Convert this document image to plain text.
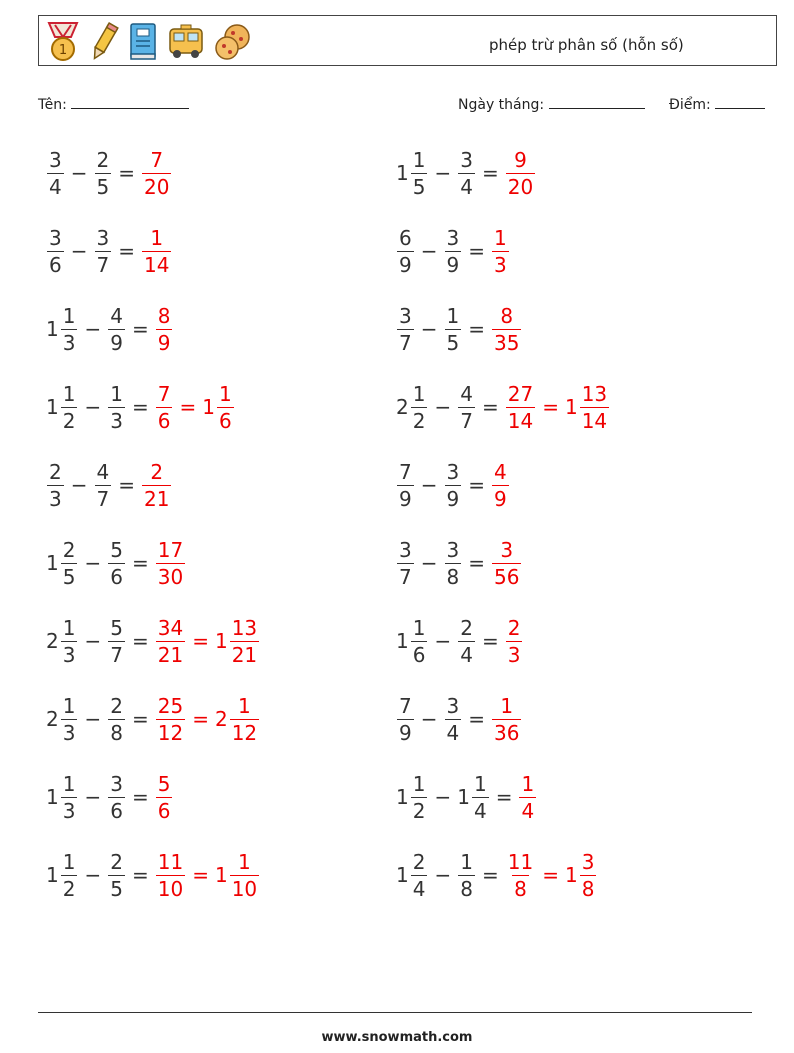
1	phép trừ phân số (hỗn số)
Tên:	Ngày tháng:	Điểm:
$\frac{3}{4} - \frac{2}{5} = \frac{7}{20}$
$\frac{3}{6} - \frac{3}{7} = \frac{1}{14}$
$1 \frac{1}{3} - \frac{4}{9} = \frac{8}{9}$
$1 \frac{1}{2} - \frac{1}{3} = \frac{7}{6} = 1 \frac{1}{6}$
$\frac{2}{3} - \frac{4}{7} = \frac{2}{21}$
$1 \frac{2}{5} - \frac{5}{6} = \frac{17}{30}$
$2 \frac{1}{3} - \frac{5}{7} = \frac{34}{21} = 1 \frac{13}{21}$
$2 \frac{1}{3} - \frac{2}{8} = \frac{25}{12} = 2 \frac{1}{12}$
$1 \frac{1}{3} - \frac{3}{6} = \frac{5}{6}$
$1 \frac{1}{2} - \frac{2}{5} = \frac{11}{10} = 1 \frac{1}{10}$
$1 \frac{1}{5} - \frac{3}{4} = \frac{9}{20}$
$\frac{6}{9} - \frac{3}{9} = \frac{1}{3}$
$\frac{3}{7} - \frac{1}{5} = \frac{8}{35}$
$2 \frac{1}{2} - \frac{4}{7} = \frac{27}{14} = 1 \frac{13}{14}$
$\frac{7}{9} - \frac{3}{9} = \frac{4}{9}$
$\frac{3}{7} - \frac{3}{8} = \frac{3}{56}$
$1 \frac{1}{6} - \frac{2}{4} = \frac{2}{3}$
$\frac{7}{9} - \frac{3}{4} = \frac{1}{36}$
$1 \frac{1}{2} - 1 \frac{1}{4} = \frac{1}{4}$
$1 \frac{2}{4} - \frac{1}{8} = \frac{11}{8} = 1 \frac{3}{8}$
www.snowmath.com
